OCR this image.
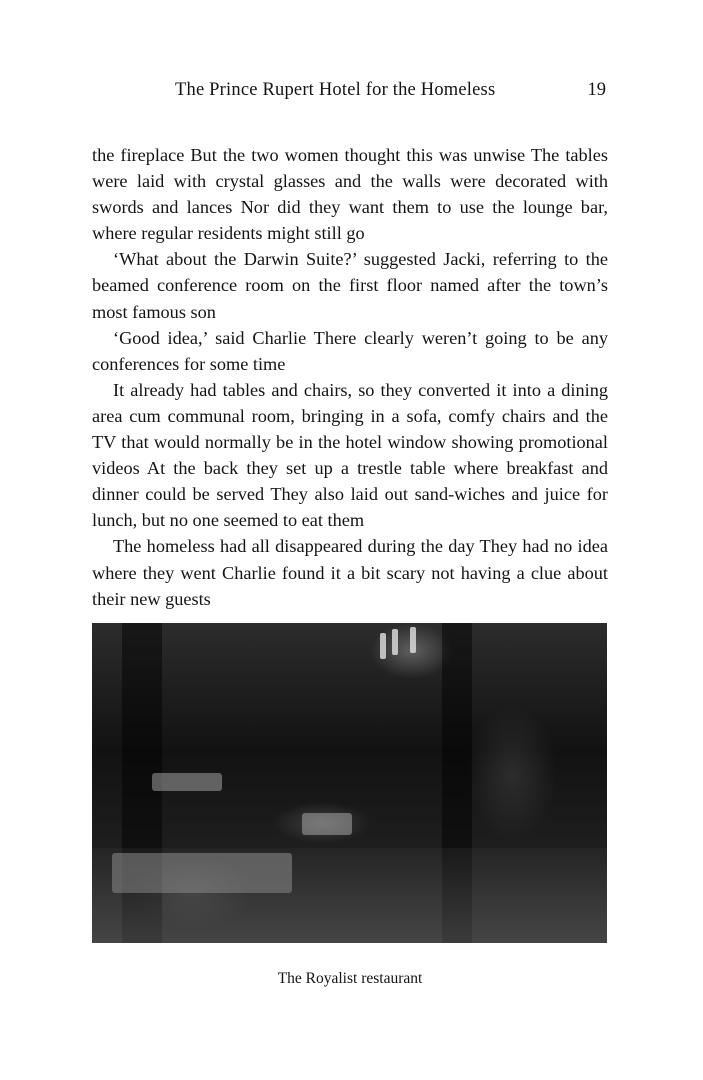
The Prince Rupert Hotel for the Homeless	19

the fireplace But the two women thought this was unwise The tables were laid with crystal glasses and the walls were decorated with swords and lances Nor did they want them to use the lounge bar, where regular residents might still go

‘What about the Darwin Suite?’ suggested Jacki, referring to the beamed conference room on the first floor named after the town’s most famous son

‘Good idea,’ said Charlie There clearly weren’t going to be any conferences for some time

It already had tables and chairs, so they converted it into a dining area cum communal room, bringing in a sofa, comfy chairs and the TV that would normally be in the hotel window showing promotional videos At the back they set up a trestle table where breakfast and dinner could be served They also laid out sand-wiches and juice for lunch, but no one seemed to eat them

The homeless had all disappeared during the day They had no idea where they went Charlie found it a bit scary not having a clue about their new guests

The Royalist restaurant
